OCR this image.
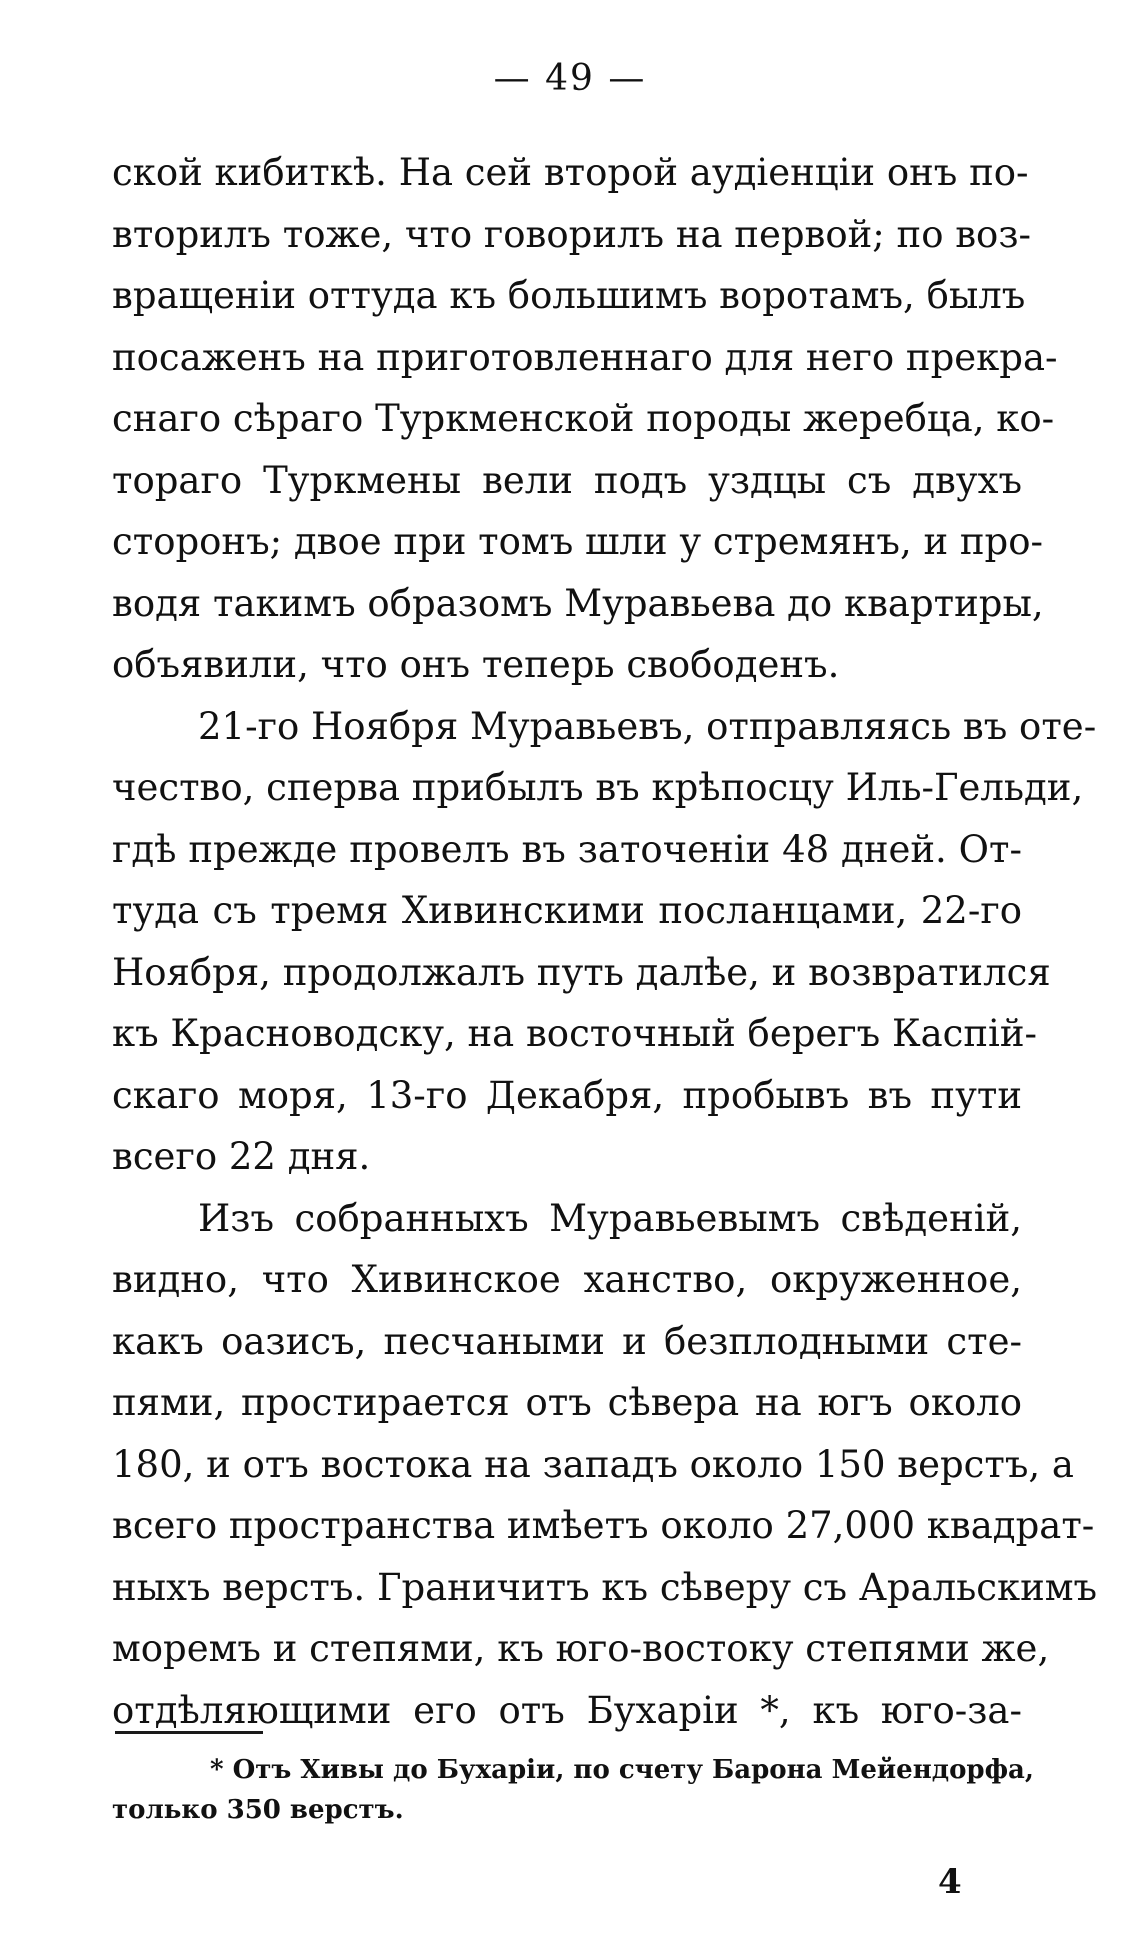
— 49 —
ской кибиткѣ. На сей второй аудіенціи онъ по-
вторилъ тоже, что говорилъ на первой; по воз-
вращеніи оттуда къ большимъ воротамъ, былъ
посаженъ на приготовленнаго для него прекра-
снаго сѣраго Туркменской породы жеребца, ко-
тораго Туркмены вели подъ уздцы съ двухъ
сторонъ; двое при томъ шли у стремянъ, и про-
водя такимъ образомъ Муравьева до квартиры,
объявили, что онъ теперь свободенъ.
21-го Ноября Муравьевъ, отправляясь въ оте-
чество, сперва прибылъ въ крѣпосцу Иль-Гельди,
гдѣ прежде провелъ въ заточеніи 48 дней. От-
туда съ тремя Хивинскими посланцами, 22-го
Ноября, продолжалъ путь далѣе, и возвратился
къ Красноводску, на восточный берегъ Каспій-
скаго моря, 13-го Декабря, пробывъ въ пути
всего 22 дня.
Изъ собранныхъ Муравьевымъ свѣденій,
видно, что Хивинское ханство, окруженное,
какъ оазисъ, песчаными и безплодными сте-
пями, простирается отъ сѣвера на югъ около
180, и отъ востока на западъ около 150 верстъ, а
всего пространства имѣетъ около 27,000 квадрат-
ныхъ верстъ. Граничитъ къ сѣверу съ Аральскимъ
моремъ и степями, къ юго-востоку степями же,
отдѣляющими его отъ Бухаріи *, къ юго-за-
* Отъ Хивы до Бухаріи, по счету Барона Мейендорфа,
только 350 верстъ.
4
